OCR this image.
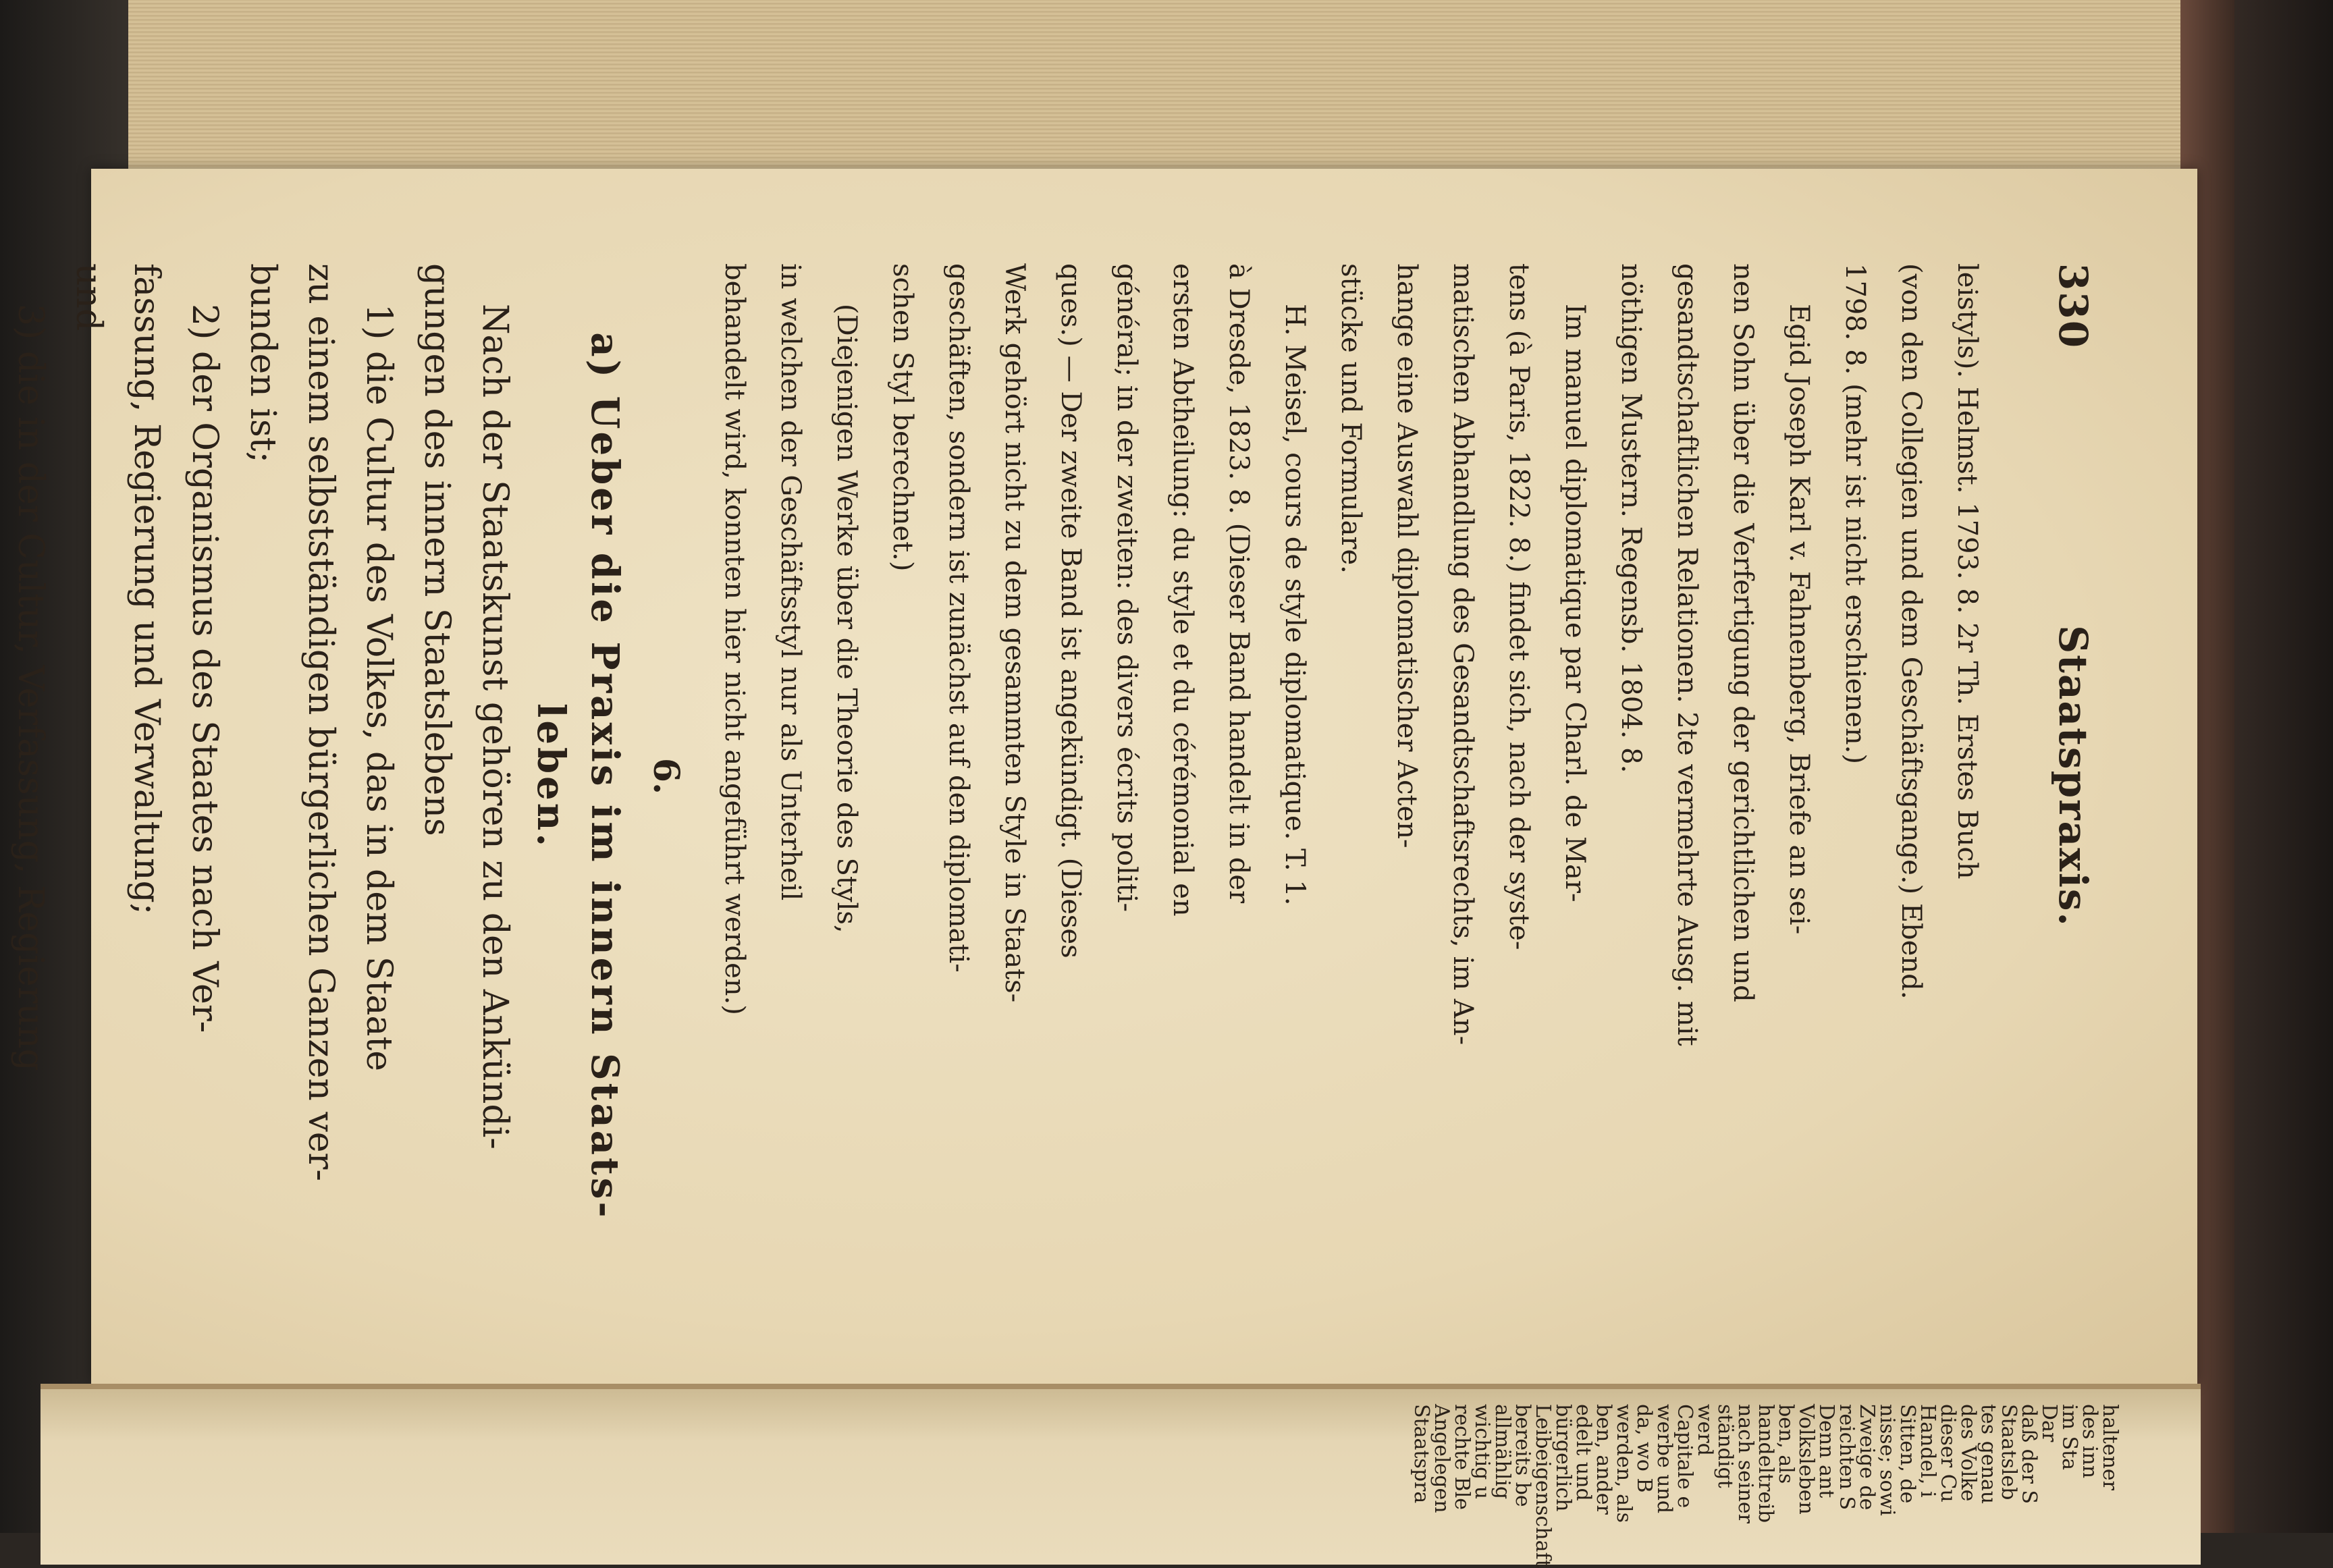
330
Staatspraxis.

leistyls). Helmst. 1793. 8. 2r Th. Erstes Buch

(von den Collegien und dem Geschäftsgange.) Ebend.

1798. 8. (mehr ist nicht erschienen.)

Egid Joseph Karl v. Fahnenberg, Briefe an sei-

nen Sohn über die Verfertigung der gerichtlichen und

gesandtschaftlichen Relationen. 2te vermehrte Ausg. mit

nöthigen Mustern. Regensb. 1804. 8.

Im manuel diplomatique par Charl. de Mar-

tens (à Paris, 1822. 8.) findet sich, nach der syste-

matischen Abhandlung des Gesandtschaftsrechts, im An-

hange eine Auswahl diplomatischer Acten-

stücke und Formulare.

H. Meisel, cours de style diplomatique. T. 1.

à Dresde, 1823. 8. (Dieser Band handelt in der

ersten Abtheilung: du style et du cérémonial en

général; in der zweiten: des divers écrits politi-

ques.) — Der zweite Band ist angekündigt. (Dieses

Werk gehört nicht zu dem gesammten Style in Staats-

geschäften, sondern ist zunächst auf den diplomati-

schen Styl berechnet.)

(Diejenigen Werke über die Theorie des Styls,

in welchen der Geschäftsstyl nur als Unterheil

behandelt wird, konnten hier nicht angeführt werden.)

6.
a) Ueber die Praxis im innern Staats-
leben.

Nach der Staatskunst gehören zu den Ankündi-

gungen des innern Staatslebens

1) die Cultur des Volkes, das in dem Staate

zu einem selbstständigen bürgerlichen Ganzen ver-

bunden ist;

2) der Organismus des Staates nach Ver-

fassung, Regierung und Verwaltung;

und

3) die in der Cultur, Verfassung, Regierung

haltener
des inn
im Sta
Dar
daß der S
Staatsleb
tes genau
des Volke
dieser Cu
Handel, i
Sitten, de
nisse; sowi
Zweige de
reichten S
Denn ant
Volksleben
ben, als
handeltreib
nach seiner
ständigt werd
Capitale e
werbe und
da, wo B
werden, als
ben, ander
edelt und
bürgerlich
Leibeigenschaft
bereits be
allmählig
wichtig u
rechte Ble
Angelegen
Staatspra
